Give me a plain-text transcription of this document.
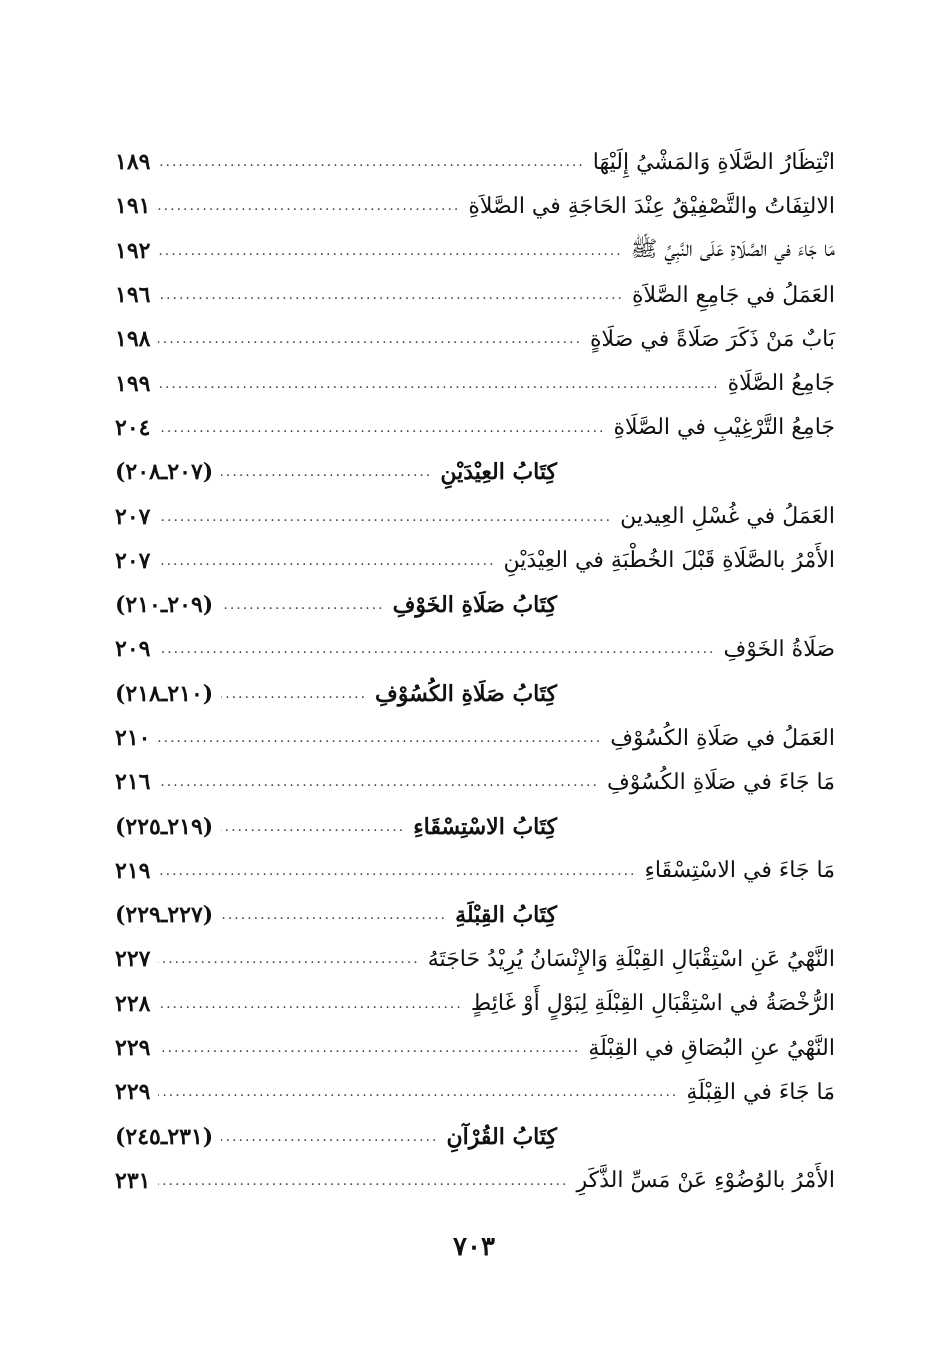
انْتِظَارُ الصَّلَاةِ وَالمَشْيُ إِلَيْهَا
.....
١٨٩
الالتِفَاتُ والتَّصْفِيْقُ عِنْدَ الحَاجَةِ في الصَّلاَةِ
.....
١٩١
مَا جَاءَ في الصَّلَاةِ عَلَى النَّبِيِّ ﷺ
.....
١٩٢
العَمَلُ في جَامِعِ الصَّلاَةِ
.....
١٩٦
بَابٌ مَنْ ذَكَرَ صَلَاةً في صَلَاةٍ
.....
١٩٨
جَامِعُ الصَّلَاةِ
.....
١٩٩
جَامِعُ التَّرْغِيْبِ في الصَّلَاةِ
.....
٢٠٤
كِتَابُ العِيْدَيْنِ
.....
(٢٠٧ـ٢٠٨)
العَمَلُ في غُسْلِ العِيدين
.....
٢٠٧
الأَمْرُ بالصَّلَاةِ قَبْلَ الخُطْبَةِ في العِيْدَيْنِ
.....
٢٠٧
كِتَابُ صَلَاةِ الخَوْفِ
.....
(٢٠٩ـ٢١٠)
صَلَاةُ الخَوْفِ
.....
٢٠٩
كِتَابُ صَلَاةِ الكُسُوْفِ
.....
(٢١٠ـ٢١٨)
العَمَلُ في صَلَاةِ الكُسُوْفِ
.....
٢١٠
مَا جَاءَ في صَلَاةِ الكُسُوْفِ
.....
٢١٦
كِتَابُ الاسْتِسْقَاءِ
.....
(٢١٩ـ٢٢٥)
مَا جَاءَ في الاسْتِسْقَاءِ
.....
٢١٩
كِتَابُ القِبْلَةِ
.....
(٢٢٧ـ٢٢٩)
النَّهْيُ عَنِ اسْتِقْبَالِ القِبْلَةِ وَالإِنْسَانُ يُرِيْدُ حَاجَتَهُ
.....
٢٢٧
الرُّخْصَةُ في اسْتِقْبَالِ القِبْلَةِ لِبَوْلٍ أَوْ غَائِطٍ
.....
٢٢٨
النَّهْيُ عنِ البُصَاقِ في القِبْلَةِ
.....
٢٢٩
مَا جَاءَ في القِبْلَةِ
.....
٢٢٩
كِتَابُ القُرْآنِ
.....
(٢٣١ـ٢٤٥)
الأَمْرُ بالوُضُوْءِ عَنْ مَسِّ الذَّكَرِ
.....
٢٣١
٧٠٣
